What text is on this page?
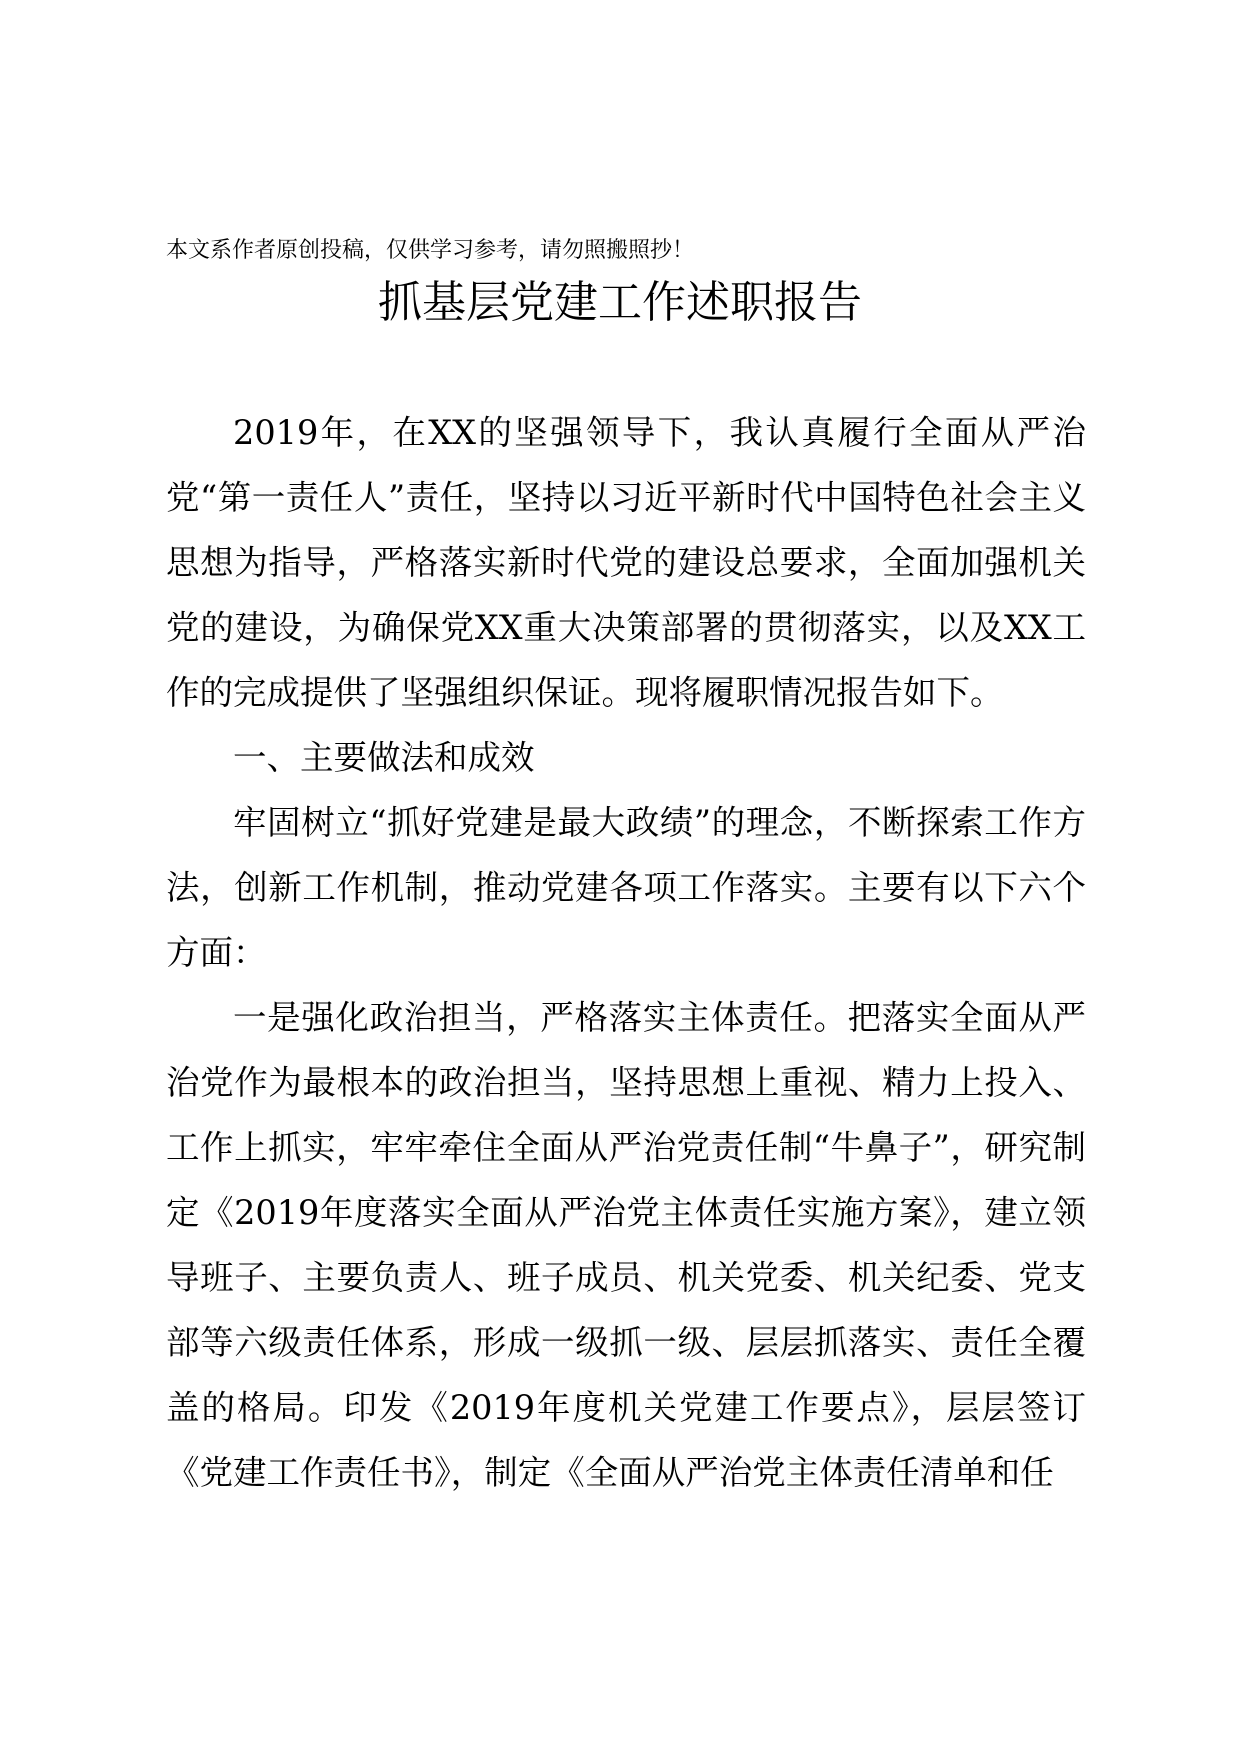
本文系作者原创投稿，仅供学习参考，请勿照搬照抄！
抓基层党建工作述职报告

2019年，在XX的坚强领导下，我认真履行全面从严治党“第一责任人”责任，坚持以习近平新时代中国特色社会主义思想为指导，严格落实新时代党的建设总要求，全面加强机关党的建设，为确保党XX重大决策部署的贯彻落实，以及XX工作的完成提供了坚强组织保证。现将履职情况报告如下。

一、主要做法和成效

牢固树立“抓好党建是最大政绩”的理念，不断探索工作方法，创新工作机制，推动党建各项工作落实。主要有以下六个方面：

一是强化政治担当，严格落实主体责任。把落实全面从严治党作为最根本的政治担当，坚持思想上重视、精力上投入、工作上抓实，牢牢牵住全面从严治党责任制“牛鼻子”，研究制定《2019年度落实全面从严治党主体责任实施方案》，建立领导班子、主要负责人、班子成员、机关党委、机关纪委、党支部等六级责任体系，形成一级抓一级、层层抓落实、责任全覆盖的格局。印发《2019年度机关党建工作要点》，层层签订《党建工作责任书》，制定《全面从严治党主体责任清单和任
